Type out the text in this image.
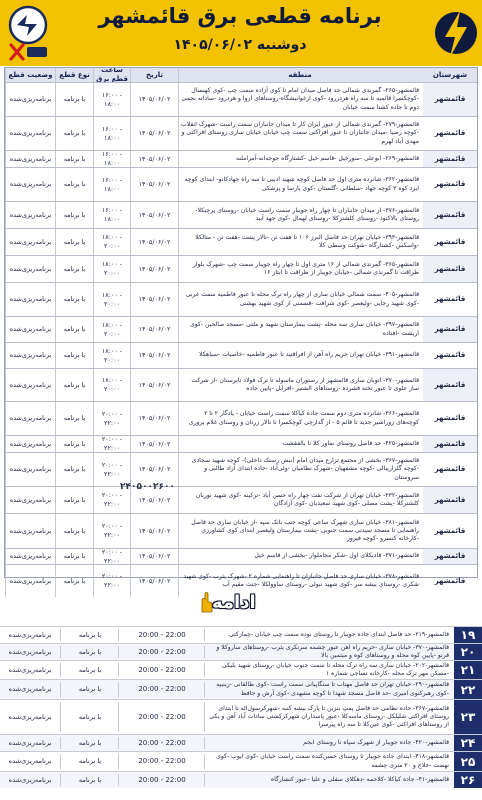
برنامه قطعی برق قائمشهر
دوشنبه ۱۴۰۵/۰۶/۰۲
شهرستان
منطقه
تاریخ
ساعت قطع برق
نوع قطع
وضعیت قطع
قائمشهر
قائمشهر-۲۶۵- گمرندی شمالی حد فاصل میدان امام تا کوی آزاده سمت چپ -کوی کهنسال -کوچکسرا قائمیه تا سه راه هردررود -کوی ارغوانیشگاه-روستاهای اروا و هردرود -ساداته نجمی دوم تا جاده کشتا سمت خیابان
۱۴۰۵/۰۶/۰۲
۱۶:۰۰ - ۱۸:۰۰
با برنامه
برنامه‌ریزی‌شده
قائمشهر
قائمشهر-۲۷۹- گمرندی شمالی از عبور ایران کار تا میدان جانبازان سمت راست -شهرک انقلاب -کوچه رضیا -میدان جانبازان تا عبور افراکتی سمت چپ خیابان خیابان ساری روستای افراکتی و مهدی آباد لهرم
۱۴۰۵/۰۶/۰۲
۱۶:۰۰ - ۱۸:۰۰
با برنامه
برنامه‌ریزی‌شده
قائمشهر
قائمشهر-۲۶۹- ابوعلی -سورخیل -قاسم خیل -کشتارگاه جوجه‌انه-آمراملنه
۱۴۰۵/۰۶/۰۲
۱۶:۰۰ - ۱۸:۰۰
با برنامه
برنامه‌ریزی‌شده
قائمشهر
قائمشهر-۳۶۲- شانزده متری اول حد فاصل کوچه شهید ادیبی تا سه راه جهادکانو- ابتدای کوچه ایزد کوه ۳ کوچه جهاد -سلطانی -گلستان -کوی پارسا و پزشکی
۱۴۰۵/۰۶/۰۲
۱۶:۰۰ - ۱۸:۰۰
با برنامه
برنامه‌ریزی‌شده
قائمشهر
قائمشهر-۳۷۶- از میدان جانبازان تا چهار راه جویبار سمت راست خیابان -روستای پرچیکلا- روستای بالاکنود -روستای کلشترکلا -روستای لهمال -کوی جهد آبید
۱۴۰۵/۰۶/۰۲
۱۶:۰۰ - ۱۸:۰۰
با برنامه
برنامه‌ریزی‌شده
قائمشهر
قائمشهر-۳۹۳- خیابان تهران حد فاصل البرز ۱۰۶ تا هفت تن -تالار پشت -هفت تن - متالکلا -واسکس -کشتارگاه -شوکت وسطی کلا
۱۴۰۵/۰۶/۰۲
۱۸:۰۰ - ۲۰:۰۰
با برنامه
برنامه‌ریزی‌شده
قائمشهر
قائمشهر-۳۶۵- گمرندی شمالی از ۱۶ متری اول تا چهار راه جویبار سمت چپ -شهرک بلوار طراقت تا گمرندی شمالی -خیابان جویبار از طراقت تا ابتاز ۱۶
۱۴۰۵/۰۶/۰۲
۱۸:۰۰ - ۲۰:۰۰
با برنامه
برنامه‌ریزی‌شده
قائمشهر
قائمشهر-۴۰۵- سمت شمالی خیابان ساری از چهار راه ترک محله تا عبور فاطمیه سمت غربی -کوی شهید رجایی -ولیعصر -کوی شرافت -قسمتی از کوی شهید بهشتی
۱۴۰۵/۰۶/۰۲
۱۸:۰۰ - ۲۰:۰۰
با برنامه
برنامه‌ریزی‌شده
قائمشهر
قائمشهر-۳۹۷- خیابان ساری سه محله -پشت بیمارستان شهید و ملتی -مسجد صالحین -کوی اریشت -افتاده
۱۴۰۵/۰۶/۰۲
۱۸:۰۰ - ۲۰:۰۰
با برنامه
برنامه‌ریزی‌شده
قائمشهر
قائمشهر-۳۹۱- خیابان تهران حریم راه آهن از افراقتید تا عبور فاطمیه -خاصیات -سیاهکلا
۱۴۰۵/۰۶/۰۲
۱۸:۰۰ - ۲۰:۰۰
با برنامه
برنامه‌ریزی‌شده
قائمشهر
قائمشهر-۳۷۰- اتوبان ساری قائمشهر از رستوران ماسوله تا ترک فولاد تایرستان -از شرکت ساز علوی تا عبور تخته فشرده -روستاهای الشتیر -افرابل -پایین جاده
۱۴۰۵/۰۶/۰۲
۱۸:۰۰ - ۲۰:۰۰
با برنامه
برنامه‌ریزی‌شده
قائمشهر
قائمشهر-۳۶۶- شانزده متری دوم سمت جاده کیاکلا سمت راست خیابان - یادگار ۲ تا ۲ کوچه‌های زوراشیر جدید تا قائم ۵ - از گدارچی کوچکسرا تا تالار زرتان و روستای غلام پروری
۱۴۰۵/۰۶/۰۲
۲۰:۰۰ - ۲۲:۰۰
با برنامه
برنامه‌ریزی‌شده
قائمشهر
قائمشهر-۴۲۵- حد فاصل روستای نماور کلا تا بالفقشت
۱۴۰۵/۰۶/۰۲
۲۰:۰۰ - ۲۲:۰۰
با برنامه
برنامه‌ریزی‌شده
قائمشهر
قائمشهر-۳۶۷- بخشی از مجتمع تزارع میدان امام (نبش رستک داخلی)- کوچه شهید سجادی -کوچه گلزاریبالی -کوچه مشفهیان -شهرک نظامیان -ولی‌آباد -جاده ابتدای آزاد طالبی و سروستان
۱۴۰۵/۰۶/۰۲
۲۰:۰۰ - ۲۲:۰۰
با برنامه
برنامه‌ریزی‌شده
قائمشهر
قائمشهر-۲۳۲- خیابان تهران از شرکت نفت چهار راه حسن آباد -ترکینه -کوی شهید نوریان کلشترکلا -پشت مصلی -کوی شهید سعیدیان -کوی آزادگان
۱۴۰۵/۰۶/۰۲
۲۰:۰۰ - ۲۲:۰۰
با برنامه
برنامه‌ریزی‌شده
قائمشهر
قائمشهر-۳۸۱- خیابان ساری شهرک ساعی کوچه جنب بانک سپه -از خیابان ساری حد فاصل راهنمایی تا مسجد سیدنی سمت جنوبی -پشت بیمارستان ولیعصر ابتدای کوی کشاورزی -کارخانه کنسرو -کوچه فیروز
۱۴۰۵/۰۶/۰۲
۲۰:۰۰ - ۲۲:۰۰
با برنامه
برنامه‌ریزی‌شده
قائمشهر
قائمشهر-۳۷۱- قادیکلای اول -شکر مجاملوار -بخشی از قاسم خیل
۱۴۰۵/۰۶/۰۲
۲۰:۰۰ - ۲۲:۰۰
با برنامه
برنامه‌ریزی‌شده
قائمشهر
قائمشهر-۳۷۸- خیابان ساری حد فاصل جانبازان تا راهنمایی شماره ۲ -شهرک یثرب -کوی شهید شکری -روستای بیشه سر -کوی شهید نبولی -روستای ساوولکلا -جنت مقیم آب
۱۴۰۵/۰۶/۰۲
۲۰:۰۰ - ۲۲:۰۰
با برنامه
برنامه‌ریزی‌شده
۲۴۰۵۰۰۲۶۰۰
ادامه
۱۹
قائمشهر-۲۱۹- حد فاصل ابتدای جاده جویبار تا روستای نوده سمت چپ خیابان -چمازکتی
20:00 - 22:00
با برنامه
برنامه‌ریزی‌شده
۲۰
قائمشهر-۳۷۰- خیابان ساری -حریم راه آهن عبور چشمه سرتکری یثرب -روستاهای ساروکلا و قرنو -پایین کوه محله و روستاهای کوه و میثمین بالا
20:00 - 22:00
با برنامه
برنامه‌ریزی‌شده
۲۱
قائمشهر-۲۰۲- خیابان ساری سه راه ترک محله تا سمت جنوب خیابان -روستای شهید بلیکی -مسکن مهر ترک محله -کارخانه نساجی شماره ۱
20:00 - 22:00
با برنامه
برنامه‌ریزی‌شده
۲۲
قائمشهر-۲۹۰- خیابان تهران حد فاصل مهتاب تا ستگاپیانی سمت راست -کوی طالقانی -زینبیه -کوی رهبرکتوی امیری -حد فاصل مسجد شهدا تا کوچه مشهدی -کوی آرش و حافظ
20:00 - 22:00
با برنامه
برنامه‌ریزی‌شده
۲۳
قائمشهر-۳۶۷- جاده نظامی حد فاصل پمپ بنزین تا پارک بیشه کنبه -شهرکرسول‌اله تا ابتدای روستای افراکتی شلیلکل -روستای ماسه‌کلا -عبور پاسداران شهرکرکشتی سادات آباد آهن و یکی از روستاهای افراکتی -کوی عین‌کلا تا سه راه پیرسرا
20:00 - 22:00
با برنامه
برنامه‌ریزی‌شده
۲۴
قائمشهر-۴۲۰- جاده جویبار از شهرک سپاه تا روستای ابجم
20:00 - 22:00
با برنامه
برنامه‌ریزی‌شده
۲۵
قائمشهر-۴۱۸- ابتدای جاده جویبار تا روستای حسن‌کنده سمت راست خیابان -کوی ایوب -کوی نهضت -خلاج و ۲۰ متری چشمه
20:00 - 22:00
با برنامه
برنامه‌ریزی‌شده
۲۶
قائمشهر-۴۱- جاده کیاکلا -کلاحمه -دهکلای سفلی و علیا -عبور کنشارگاه
20:00 - 22:00
با برنامه
برنامه‌ریزی‌شده
